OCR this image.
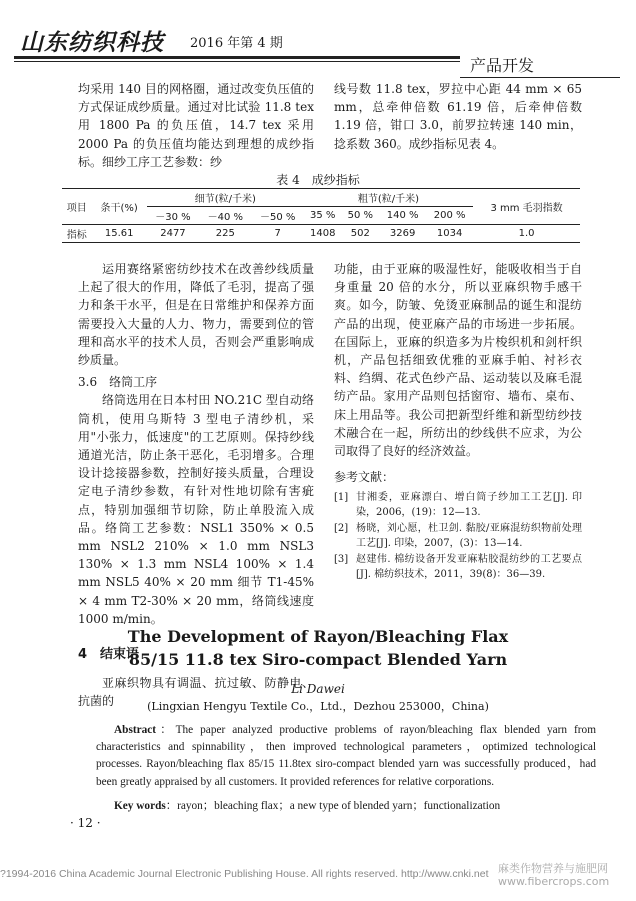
山东纺织科技 2016 年第 4 期
产品开发

均采用 140 目的网格圈，通过改变负压值的方式保证成纱质量。通过对比试验 11.8 tex 用 1800 Pa 的负压值，14.7 tex 采用 2000 Pa 的负压值均能达到理想的成纱指标。细纱工序工艺参数：纱

线号数 11.8 tex，罗拉中心距 44 mm × 65 mm，总牵伸倍数 61.19 倍，后牵伸倍数 1.19 倍，钳口 3.0，前罗拉转速 140 min，捻系数 360。成纱指标见表 4。

表 4　成纱指标
项目	条干(%)	细节(粒/千米)			粗节(粒/千米)				3 mm 毛羽指数
		－30 %	－40 %	－50 %	35 %	50 %	140 %	200 %	
指标	15.61	2477	225	7	1408	502	3269	1034	1.0

运用赛络紧密纺纱技术在改善纱线质量上起了很大的作用，降低了毛羽，提高了强力和条干水平，但是在日常维护和保养方面需要投入大量的人力、物力，需要到位的管理和高水平的技术人员，否则会严重影响成纱质量。

3.6　络筒工序

络筒选用在日本村田 NO.21C 型自动络筒机，使用乌斯特 3 型电子清纱机，采用"小张力，低速度"的工艺原则。保持纱线通道光洁，防止条干恶化，毛羽增多。合理设计捻接器参数，控制好接头质量，合理设定电子清纱参数，有针对性地切除有害疵点，特别加强细节切除，防止单股流入成品。络筒工艺参数：NSL1 350% × 0.5 mm NSL2 210% × 1.0 mm NSL3 130% × 1.3 mm NSL4 100% × 1.4 mm NSL5 40% × 20 mm 细节 T1-45% × 4 mm T2-30% × 20 mm，络筒线速度 1000 m/min。

4　结束语

亚麻织物具有调温、抗过敏、防静电、抗菌的

功能，由于亚麻的吸湿性好，能吸收相当于自身重量 20 倍的水分，所以亚麻织物手感干爽。如今，防皱、免烫亚麻制品的诞生和混纺产品的出现，使亚麻产品的市场进一步拓展。在国际上，亚麻的织造多为片梭织机和剑杆织机，产品包括细致优雅的亚麻手帕、衬衫衣料、绉绸、花式色纱产品、运动装以及麻毛混纺产品。家用产品则包括窗帘、墙布、桌布、床上用品等。我公司把新型纤维和新型纺纱技术融合在一起，所纺出的纱线供不应求，为公司取得了良好的经济效益。

参考文献：

[1] 甘湘委，亚麻漂白、增白筒子纱加工工艺[J]. 印染，2006，(19)：12—13.
[2] 杨晓，刘心愿，杜卫剑. 黏胶/亚麻混纺织物前处理工艺[J]. 印染，2007，(3)：13—14.
[3] 赵建伟. 棉纺设备开发亚麻粘胶混纺纱的工艺要点[J]. 棉纺织技术，2011，39(8)：36—39.
The Development of Rayon/Bleaching Flax
85/15 11.8 tex Siro-compact Blended Yarn
Li Dawei
(Lingxian Hengyu Textile Co.，Ltd.，Dezhou 253000，China)
Abstract：The paper analyzed productive problems of rayon/bleaching flax blended yarn from characteristics and spinnability，then improved technological parameters，optimized technological processes. Rayon/bleaching flax 85/15 11.8tex siro-compact blended yarn was successfully produced，had been greatly appraised by all customers. It provided references for relative corporations.
Key words：rayon；bleaching flax；a new type of blended yarn；functionalization
· 12 ·
?1994-2016 China Academic Journal Electronic Publishing House. All rights reserved. http://www.cnki.net 麻类作物营养与施肥网
www.fibercrops.com
